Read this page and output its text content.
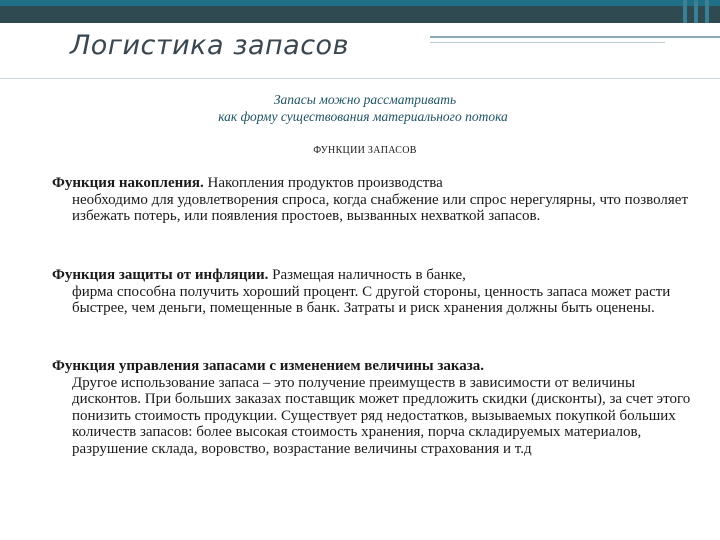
Логистика запасов
Запасы можно рассматривать
как форму существования материального потока
ФУНКЦИИ ЗАПАСОВ
Функция накопления. Накопления продуктов производства
необходимо для удовлетворения спроса, когда снабжение или спрос нерегулярны, что позволяет избежать потерь, или появления простоев, вызванных нехваткой запасов.
Функция защиты от инфляции. Размещая наличность в банке,
фирма способна получить хороший процент. С другой стороны, ценность запаса может расти быстрее, чем деньги, помещенные в банк. Затраты и риск хранения должны быть оценены.
Функция управления запасами с изменением величины заказа.
Другое использование запаса – это получение преимуществ в зависимости от величины дисконтов. При больших заказах поставщик может предложить скидки (дисконты), за счет этого понизить стоимость продукции. Существует ряд недостатков, вызываемых покупкой больших количеств запасов: более высокая стоимость хранения, порча складируемых материалов, разрушение склада, воровство, возрастание величины страхования и т.д
